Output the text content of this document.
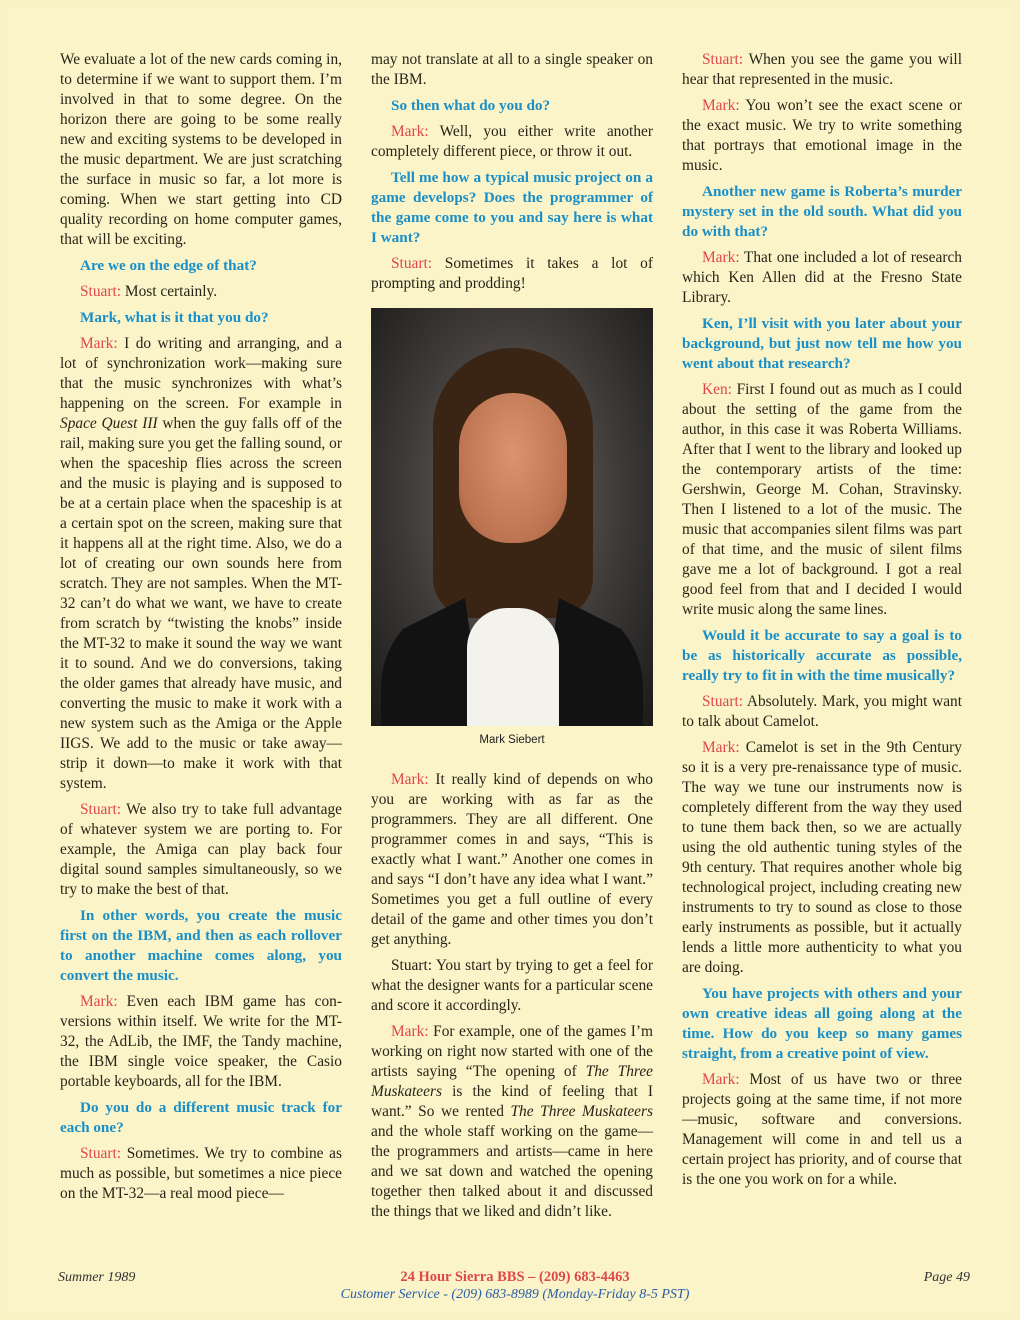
We evaluate a lot of the new cards coming in, to determine if we want to support them. I’m involved in that to some degree. On the horizon there are going to be some really new and exciting systems to be developed in the music department. We are just scratching the surface in music so far, a lot more is coming. When we start getting into CD quality recording on home computer games, that will be exciting.

Are we on the edge of that?

Stuart: Most certainly.

Mark, what is it that you do?

Mark: I do writing and arranging, and a lot of synchronization work—making sure that the music synchronizes with what’s happening on the screen. For example in Space Quest III when the guy falls off of the rail, making sure you get the falling sound, or when the spaceship flies across the screen and the music is playing and is supposed to be at a certain place when the spaceship is at a certain spot on the screen, making sure that it happens all at the right time. Also, we do a lot of creating our own sounds here from scratch. They are not samples. When the MT-32 can’t do what we want, we have to create from scratch by “twisting the knobs” inside the MT-32 to make it sound the way we want it to sound. And we do conversions, taking the older games that already have music, and converting the music to make it work with a new system such as the Amiga or the Apple IIGS. We add to the music or take away—strip it down—to make it work with that system.

Stuart: We also try to take full advantage of whatever system we are porting to. For example, the Amiga can play back four digital sound samples simultaneously, so we try to make the best of that.

In other words, you create the music first on the IBM, and then as each rollover to another machine comes along, you convert the music.

Mark: Even each IBM game has conversions within itself. We write for the MT-32, the AdLib, the IMF, the Tandy machine, the IBM single voice speaker, the Casio portable keyboards, all for the IBM.

Do you do a different music track for each one?

Stuart: Sometimes. We try to combine as much as possible, but sometimes a nice piece on the MT-32—a real mood piece—

may not translate at all to a single speaker on the IBM.

So then what do you do?

Mark: Well, you either write another completely different piece, or throw it out.

Tell me how a typical music project on a game develops? Does the programmer of the game come to you and say here is what I want?

Stuart: Sometimes it takes a lot of prompting and prodding!

Mark Siebert

Mark: It really kind of depends on who you are working with as far as the programmers. They are all different. One programmer comes in and says, “This is exactly what I want.” Another one comes in and says “I don’t have any idea what I want.” Sometimes you get a full outline of every detail of the game and other times you don’t get anything.

Stuart: You start by trying to get a feel for what the designer wants for a particular scene and score it accordingly.

Mark: For example, one of the games I’m working on right now started with one of the artists saying “The opening of The Three Muskateers is the kind of feeling that I want.” So we rented The Three Muskateers and the whole staff working on the game—the programmers and artists—came in here and we sat down and watched the opening together then talked about it and discussed the things that we liked and didn’t like.

Stuart: When you see the game you will hear that represented in the music.

Mark: You won’t see the exact scene or the exact music. We try to write something that portrays that emotional image in the music.

Another new game is Roberta’s murder mystery set in the old south. What did you do with that?

Mark: That one included a lot of research which Ken Allen did at the Fresno State Library.

Ken, I’ll visit with you later about your background, but just now tell me how you went about that research?

Ken: First I found out as much as I could about the setting of the game from the author, in this case it was Roberta Williams. After that I went to the library and looked up the contemporary artists of the time: Gershwin, George M. Cohan, Stravinsky. Then I listened to a lot of the music. The music that accompanies silent films was part of that time, and the music of silent films gave me a lot of background. I got a real good feel from that and I decided I would write music along the same lines.

Would it be accurate to say a goal is to be as historically accurate as possible, really try to fit in with the time musically?

Stuart: Absolutely. Mark, you might want to talk about Camelot.

Mark: Camelot is set in the 9th Century so it is a very pre-renaissance type of music. The way we tune our instruments now is completely different from the way they used to tune them back then, so we are actually using the old authentic tuning styles of the 9th century. That requires another whole big technological project, including creating new instruments to try to sound as close to those early instruments as possible, but it actually lends a little more authenticity to what you are doing.

You have projects with others and your own creative ideas all going along at the time. How do you keep so many games straight, from a creative point of view.

Mark: Most of us have two or three projects going at the same time, if not more—music, software and conversions. Management will come in and tell us a certain project has priority, and of course that is the one you work on for a while.

Summer 1989	24 Hour Sierra BBS – (209) 683-4463
Customer Service - (209) 683-8989 (Monday-Friday 8-5 PST)
Page 49
